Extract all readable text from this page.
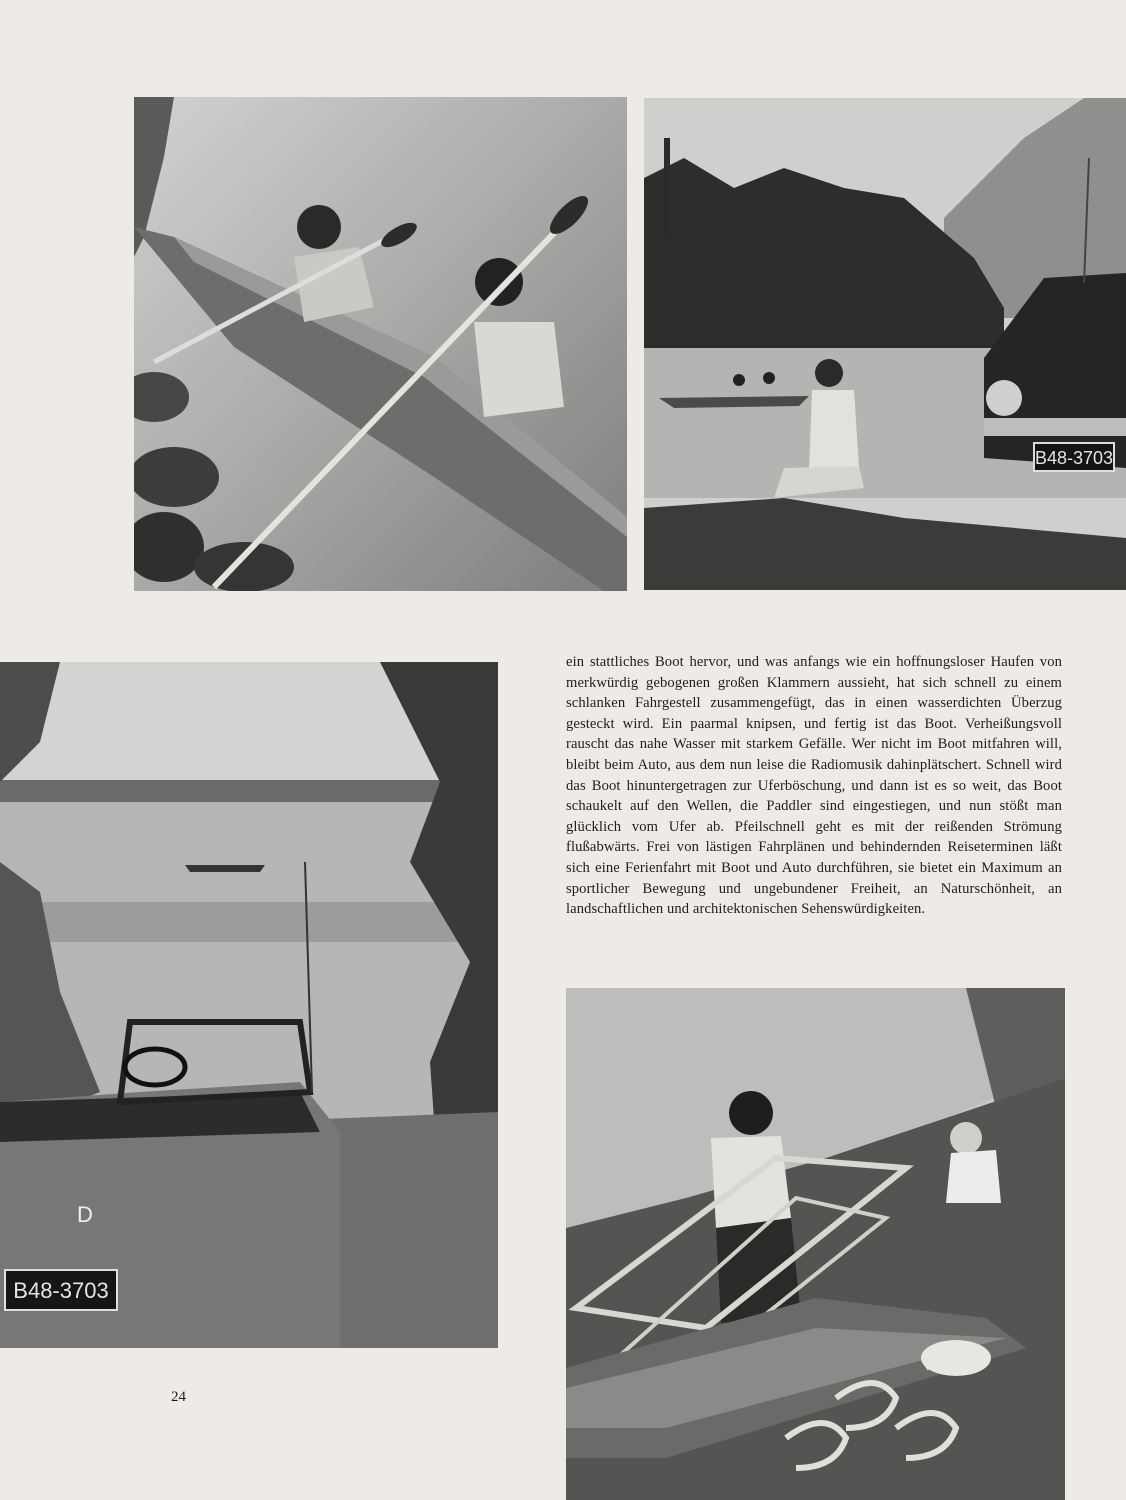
B48-3703
D
B48-3703

ein stattliches Boot hervor, und was anfangs wie ein hoffnungsloser Haufen von merkwürdig gebogenen großen Klammern aussieht, hat sich schnell zu einem schlanken Fahrgestell zusammengefügt, das in einen wasserdichten Überzug gesteckt wird. Ein paarmal knipsen, und fertig ist das Boot. Verheißungsvoll rauscht das nahe Wasser mit starkem Gefälle. Wer nicht im Boot mitfahren will, bleibt beim Auto, aus dem nun leise die Radiomusik dahinplätschert. Schnell wird das Boot hinuntergetragen zur Uferböschung, und dann ist es so weit, das Boot schaukelt auf den Wellen, die Paddler sind eingestiegen, und nun stößt man glücklich vom Ufer ab. Pfeilschnell geht es mit der reißenden Strömung flußabwärts. Frei von lästigen Fahrplänen und behindernden Reiseterminen läßt sich eine Ferienfahrt mit Boot und Auto durchführen, sie bietet ein Maximum an sportlicher Bewegung und ungebundener Freiheit, an Naturschönheit, an landschaftlichen und architektonischen Sehenswürdigkeiten.

24
